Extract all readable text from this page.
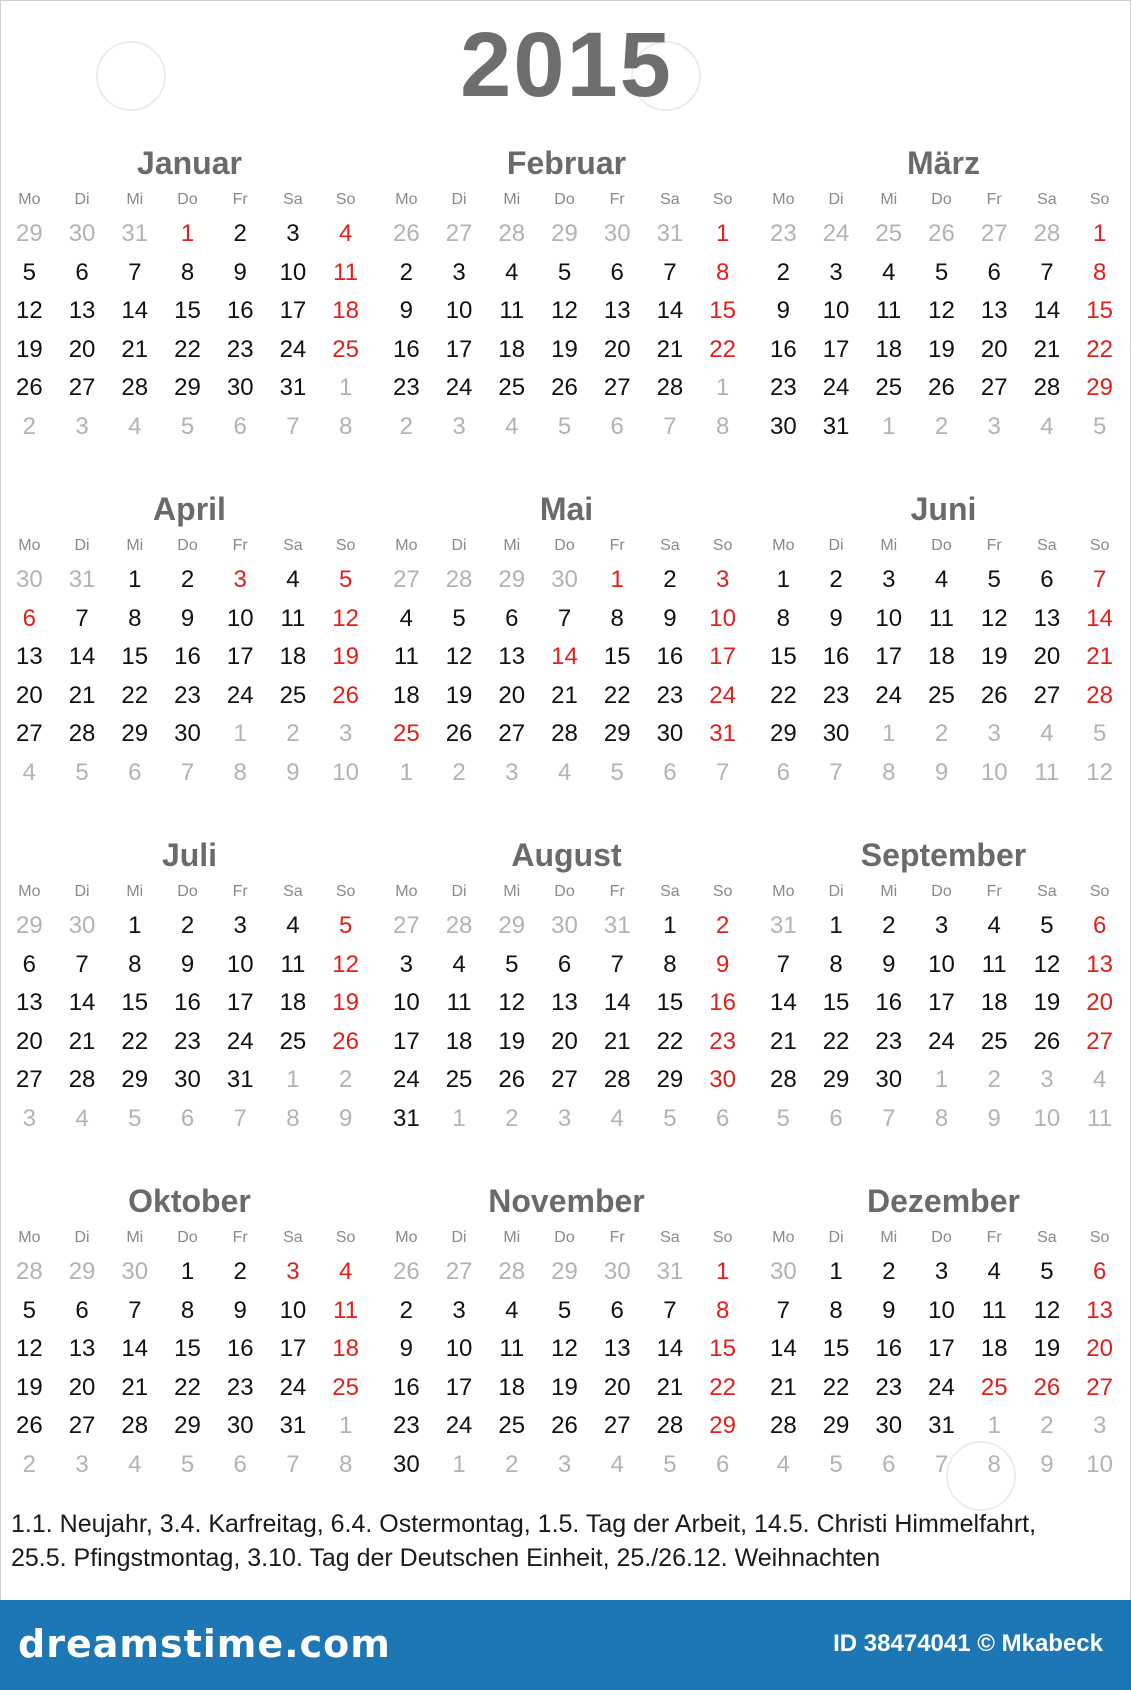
2015
Januar
Mo	Di	Mi	Do	Fr	Sa	So
29	30	31	1	2	3	4
5	6	7	8	9	10	11
12	13	14	15	16	17	18
19	20	21	22	23	24	25
26	27	28	29	30	31	1
2	3	4	5	6	7	8
Februar
Mo	Di	Mi	Do	Fr	Sa	So
26	27	28	29	30	31	1
2	3	4	5	6	7	8
9	10	11	12	13	14	15
16	17	18	19	20	21	22
23	24	25	26	27	28	1
2	3	4	5	6	7	8
März
Mo	Di	Mi	Do	Fr	Sa	So
23	24	25	26	27	28	1
2	3	4	5	6	7	8
9	10	11	12	13	14	15
16	17	18	19	20	21	22
23	24	25	26	27	28	29
30	31	1	2	3	4	5
April
Mo	Di	Mi	Do	Fr	Sa	So
30	31	1	2	3	4	5
6	7	8	9	10	11	12
13	14	15	16	17	18	19
20	21	22	23	24	25	26
27	28	29	30	1	2	3
4	5	6	7	8	9	10
Mai
Mo	Di	Mi	Do	Fr	Sa	So
27	28	29	30	1	2	3
4	5	6	7	8	9	10
11	12	13	14	15	16	17
18	19	20	21	22	23	24
25	26	27	28	29	30	31
1	2	3	4	5	6	7
Juni
Mo	Di	Mi	Do	Fr	Sa	So
1	2	3	4	5	6	7
8	9	10	11	12	13	14
15	16	17	18	19	20	21
22	23	24	25	26	27	28
29	30	1	2	3	4	5
6	7	8	9	10	11	12
Juli
Mo	Di	Mi	Do	Fr	Sa	So
29	30	1	2	3	4	5
6	7	8	9	10	11	12
13	14	15	16	17	18	19
20	21	22	23	24	25	26
27	28	29	30	31	1	2
3	4	5	6	7	8	9
August
Mo	Di	Mi	Do	Fr	Sa	So
27	28	29	30	31	1	2
3	4	5	6	7	8	9
10	11	12	13	14	15	16
17	18	19	20	21	22	23
24	25	26	27	28	29	30
31	1	2	3	4	5	6
September
Mo	Di	Mi	Do	Fr	Sa	So
31	1	2	3	4	5	6
7	8	9	10	11	12	13
14	15	16	17	18	19	20
21	22	23	24	25	26	27
28	29	30	1	2	3	4
5	6	7	8	9	10	11
Oktober
Mo	Di	Mi	Do	Fr	Sa	So
28	29	30	1	2	3	4
5	6	7	8	9	10	11
12	13	14	15	16	17	18
19	20	21	22	23	24	25
26	27	28	29	30	31	1
2	3	4	5	6	7	8
November
Mo	Di	Mi	Do	Fr	Sa	So
26	27	28	29	30	31	1
2	3	4	5	6	7	8
9	10	11	12	13	14	15
16	17	18	19	20	21	22
23	24	25	26	27	28	29
30	1	2	3	4	5	6
Dezember
Mo	Di	Mi	Do	Fr	Sa	So
30	1	2	3	4	5	6
7	8	9	10	11	12	13
14	15	16	17	18	19	20
21	22	23	24	25	26	27
28	29	30	31	1	2	3
4	5	6	7	8	9	10
1.1. Neujahr, 3.4. Karfreitag, 6.4. Ostermontag, 1.5. Tag der Arbeit, 14.5. Christi Himmelfahrt,
25.5. Pfingstmontag, 3.10. Tag der Deutschen Einheit, 25./26.12. Weihnachten
dreamstime.com	ID 38474041 © Mkabeck
